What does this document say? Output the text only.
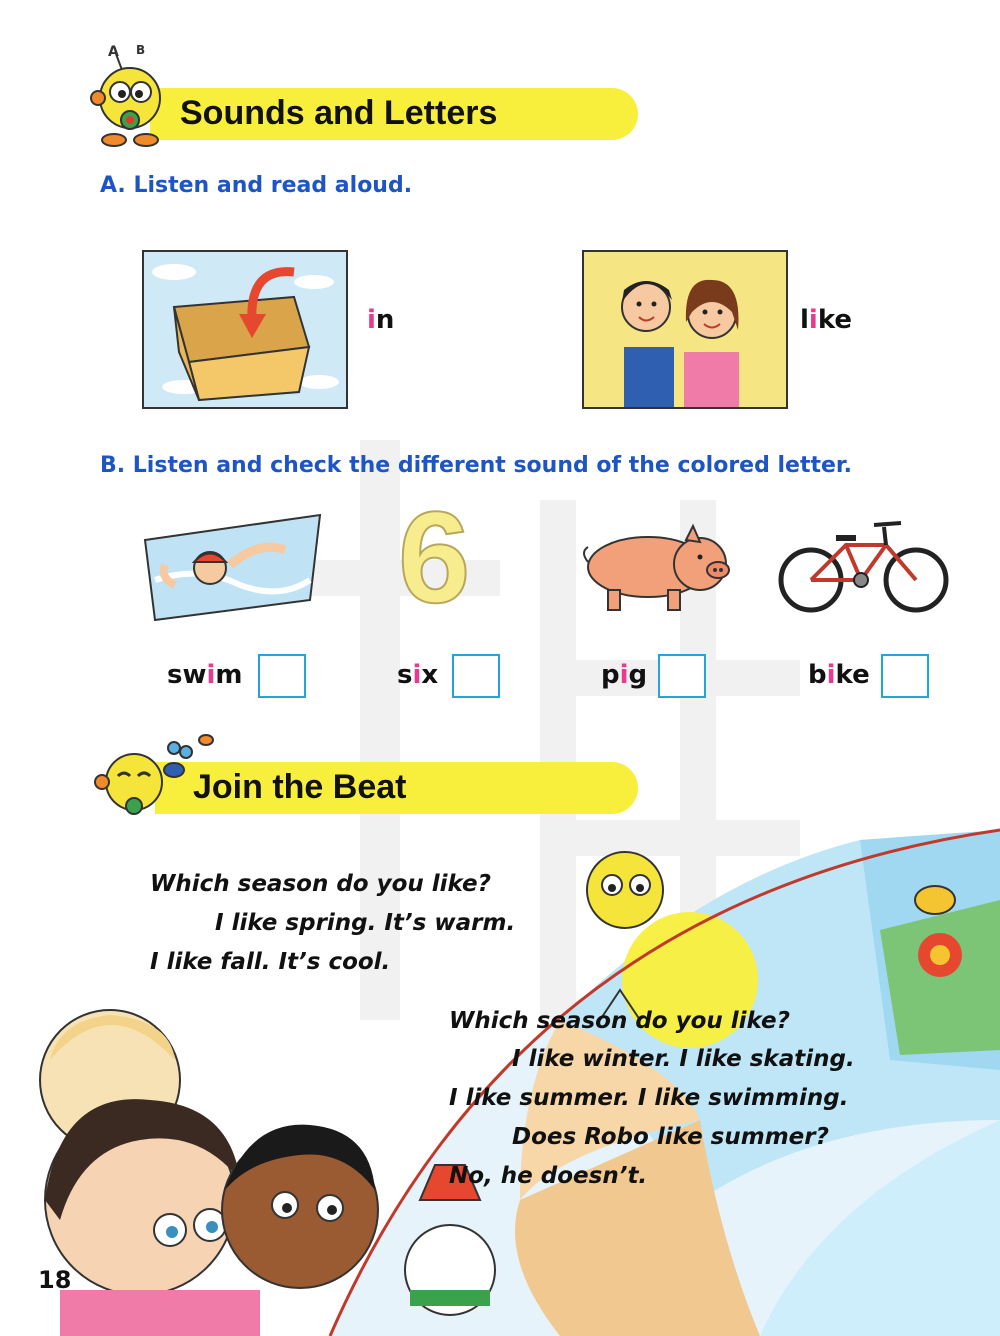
A B
Sounds and Letters
A. Listen and read aloud.
in	like
B. Listen and check the different sound of the colored letter.
swim
6
six	pig	bike
Join the Beat
Which season do you like?
I like spring. It’s warm.
I like fall. It’s cool.
Which season do you like?
I like winter. I like skating.
I like summer. I like swimming.
Does Robo like summer?
No, he doesn’t.
18
